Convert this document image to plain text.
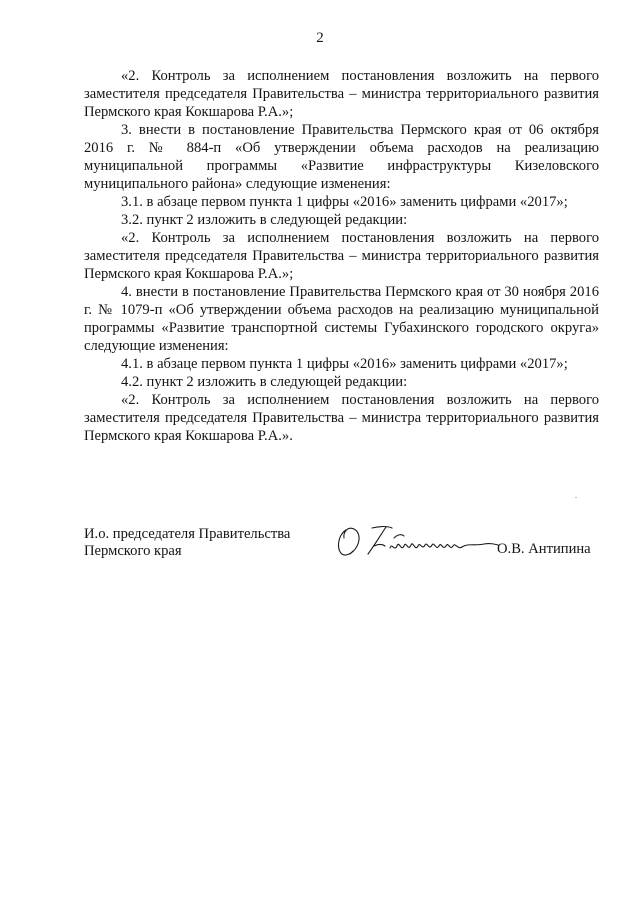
2

«2. Контроль за исполнением постановления возложить на первого заместителя председателя Правительства – министра территориального развития Пермского края Кокшарова Р.А.»;

3. внести в постановление Правительства Пермского края от 06 октября 2016 г. № 884-п «Об утверждении объема расходов на реализацию муниципальной программы «Развитие инфраструктуры Кизеловского муниципального района» следующие изменения:

3.1. в абзаце первом пункта 1 цифры «2016» заменить цифрами «2017»;

3.2. пункт 2 изложить в следующей редакции:

«2. Контроль за исполнением постановления возложить на первого заместителя председателя Правительства – министра территориального развития Пермского края Кокшарова Р.А.»;

4. внести в постановление Правительства Пермского края от 30 ноября 2016 г. № 1079-п «Об утверждении объема расходов на реализацию муниципальной программы «Развитие транспортной системы Губахинского городского округа» следующие изменения:

4.1. в абзаце первом пункта 1 цифры «2016» заменить цифрами «2017»;

4.2. пункт 2 изложить в следующей редакции:

«2. Контроль за исполнением постановления возложить на первого заместителя председателя Правительства – министра территориального развития Пермского края Кокшарова Р.А.».

И.о. председателя Правительства
Пермского края	О.В. Антипина
